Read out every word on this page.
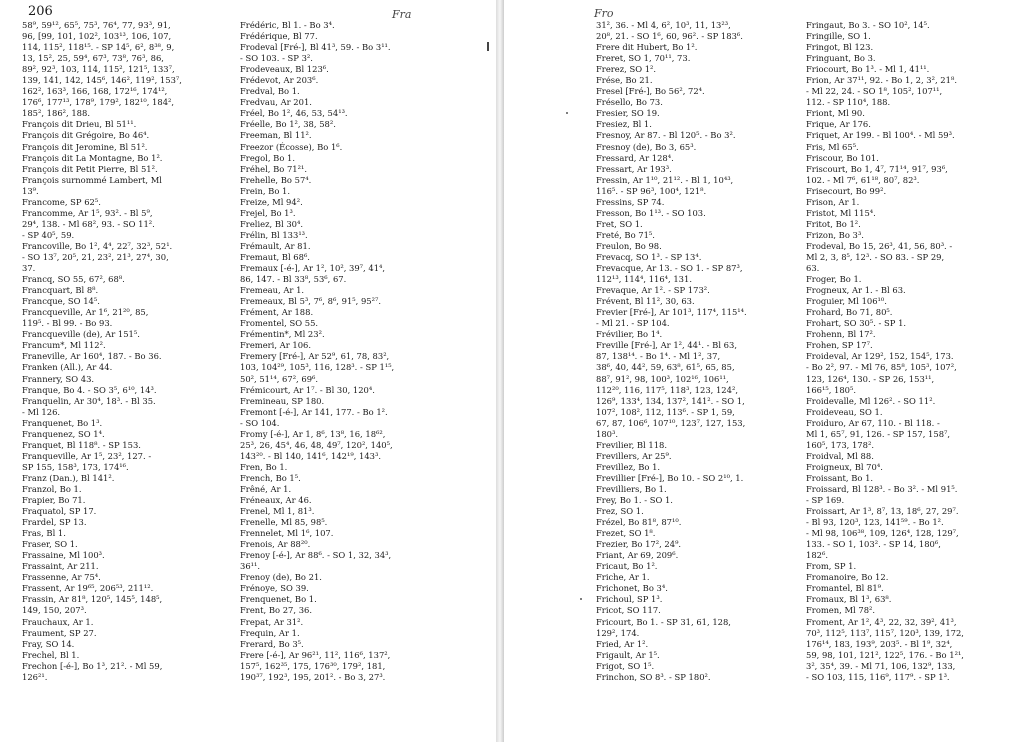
206	Fra	Fro
58⁹, 59¹², 65⁵, 75³, 76⁴, 77, 93³, 91,
96, [99, 101, 102², 103¹³, 106, 107,
114, 115², 118¹⁵. - SP 14⁵, 6², 8³⁸, 9,
13, 15², 25, 59⁴, 67³, 73⁸, 76³, 86,
89², 92³, 103, 114, 115², 121⁵, 133⁷,
139, 141, 142, 145⁶, 146², 119², 153⁷,
162², 163³, 166, 168, 172¹⁶, 174¹²,
176⁶, 177¹³, 178⁹, 179², 182¹⁰, 184²,
185², 186², 188.
François dit Drieu, Bl 51¹¹.
François dit Grégoire, Bo 46⁴.
François dit Jeromine, Bl 51².
François dit La Montagne, Bo 1².
François dit Petit Pierre, Bl 51².
François surnommé Lambert, Ml
13⁹.
Francome, SP 62⁵.
Francomme, Ar 1⁵, 93². - Bl 5⁹,
29⁴, 138. - Ml 68², 93. - SO 11².
- SP 40⁵, 59.
Francoville, Bo 1², 4⁴, 22⁷, 32³, 52¹.
- SO 13⁷, 20⁵, 21, 23², 21³, 27⁴, 30,
37.
Francq, SO 55, 67², 68⁸.
Francquart, Bl 8⁸.
Francque, SO 14⁵.
Francqueville, Ar 1⁶, 21²⁰, 85,
119⁵. - Bl 99. - Bo 93.
Francqueville (de), Ar 151⁵.
Francum*, Ml 112².
Franeville, Ar 160⁴, 187. - Bo 36.
Franken (All.), Ar 44.
Frannery, SO 43.
Franque, Bo 4. - SO 3⁵, 6¹⁰, 14³.
Franquelin, Ar 30⁴, 18³. - Bl 35.
- Ml 126.
Franquenet, Bo 1³.
Franquenez, SO 1⁴.
Franquet, Bl 118⁸. - SP 153.
Franqueville, Ar 1⁵, 23², 127. -
SP 155, 158³, 173, 174¹⁶.
Franz (Dan.), Bl 141².
Franzol, Bo 1.
Frapier, Bo 71.
Fraquatol, SP 17.
Frardel, SP 13.
Fras, Bl 1.
Fraser, SO 1.
Frassaine, Ml 100³.
Frassaint, Ar 211.
Frassenne, Ar 75⁴.
Frassent, Ar 19⁶⁵, 206⁵³, 211¹².
Frassin, Ar 81⁸, 120⁵, 145⁵, 148⁵,
149, 150, 207³.
Frauchaux, Ar 1.
Fraument, SP 27.
Fray, SO 14.
Frechel, Bl 1.
Frechon [-é-], Bo 1³, 21². - Ml 59,
126²¹.
Frédéric, Bl 1. - Bo 3⁴.
Frédérique, Bl 77.
Frodeval [Fré-], Bl 41³, 59. - Bo 3¹¹.
- SO 103. - SP 3².
Frodeveaux, Bl 123⁶.
Frédevot, Ar 203⁶.
Fredval, Bo 1.
Fredvau, Ar 201.
Fréel, Bo 1², 46, 53, 54¹³.
Fréelle, Bo 1², 38, 58².
Freeman, Bl 11².
Freezor (Écosse), Bo 1⁶.
Fregol, Bo 1.
Fréhel, Bo 71²¹.
Frehelle, Bo 57⁴.
Frein, Bo 1.
Freize, Ml 94².
Frejel, Bo 1³.
Freliez, Bl 30⁴.
Frélin, Bl 133¹³.
Frémault, Ar 81.
Fremaut, Bl 68⁶.
Fremaux [-é-], Ar 1², 10², 39⁷, 41⁴,
86, 147. - Bl 33⁸, 53⁶, 67.
Fremeau, Ar 1.
Fremeaux, Bl 5³, 7⁶, 8⁶, 91⁵, 95²⁷.
Frément, Ar 188.
Fromentel, SO 55.
Frémentin*, Ml 23².
Fremeri, Ar 106.
Fremery [Fré-], Ar 52⁹, 61, 78, 83²,
103, 104²⁹, 105³, 116, 128³. - SP 1¹⁵,
50², 51¹⁴, 67², 69⁶.
Frémicourt, Ar 1⁷. - Bl 30, 120⁴.
Fremineau, SP 180.
Fremont [-é-], Ar 141, 177. - Bo 1².
- SO 104.
Fromy [-é-], Ar 1, 8⁶, 13⁸, 16, 18⁶²,
25³, 26, 45⁴, 46, 48, 49⁷, 120², 140⁵,
143²⁰. - Bl 140, 141⁶, 142¹⁹, 143³.
Fren, Bo 1.
French, Bo 1⁵.
Frêné, Ar 1.
Fréneaux, Ar 46.
Frenel, Ml 1, 81³.
Frenelle, Ml 85, 98⁵.
Frennelet, Ml 1⁶, 107.
Frenois, Ar 88²⁰.
Frenoy [-é-], Ar 88⁶. - SO 1, 32, 34³,
36¹¹.
Frenoy (de), Bo 21.
Frénoye, SO 39.
Frenquenet, Bo 1.
Frent, Bo 27, 36.
Frepat, Ar 31².
Frequin, Ar 1.
Frerard, Bo 3⁵.
Frere [-é-], Ar 96²¹, 11², 116⁶, 137²,
157⁵, 162³⁵, 175, 176³⁰, 179², 181,
190³⁷, 192³, 195, 201². - Bo 3, 27³.
31², 36. - Ml 4, 6², 10³, 11, 13²³,
20⁸, 21. - SO 1⁶, 60, 96². - SP 183⁶.
Frere dit Hubert, Bo 1².
Freret, SO 1, 70¹¹, 73.
Frerez, SO 1².
Frése, Bo 21.
Fresel [Fré-], Bo 56², 72⁴.
Frésello, Bo 73.
Fresier, SO 19.
Fresiez, Bl 1.
Fresnoy, Ar 87. - Bl 120⁵. - Bo 3².
Fresnoy (de), Bo 3, 65³.
Fressard, Ar 128⁴.
Fressart, Ar 193³.
Fressin, Ar 1¹⁰, 21¹². - Bl 1, 10⁴³,
116⁵. - SP 96³, 100⁴, 121⁸.
Fressins, SP 74.
Fresson, Bo 1¹³. - SO 103.
Fret, SO 1.
Freté, Bo 71⁵.
Freulon, Bo 98.
Frevacq, SO 1³. - SP 13⁴.
Frevacque, Ar 13. - SO 1. - SP 87³,
112¹³, 114⁴, 116⁴, 131.
Frevaque, Ar 1². - SP 173².
Frévent, Bl 11², 30, 63.
Frevier [Fré-], Ar 101³, 117⁴, 115¹⁴.
- Ml 21. - SP 104.
Frévilier, Bo 1⁴.
Freville [Fré-], Ar 1², 44¹. - Bl 63,
87, 138¹⁴. - Bo 1⁴. - Ml 1², 37,
38⁶, 40, 44², 59, 63⁸, 61⁵, 65, 85,
88⁷, 91², 98, 100³, 102¹⁶, 106¹¹,
112²⁰, 116, 117⁵, 118³, 123, 124²,
126⁹, 133⁴, 134, 137², 141². - SO 1,
107², 108², 112, 113⁶. - SP 1, 59,
67, 87, 106⁶, 107¹⁰, 123⁷, 127, 153,
180³.
Frevilier, Bl 118.
Frevillers, Ar 25⁹.
Frevillez, Bo 1.
Frevillier [Fré-], Bo 10. - SO 2¹⁰, 1.
Frevilliers, Bo 1.
Frey, Bo 1. - SO 1.
Frez, SO 1.
Frézel, Bo 81⁸, 87¹⁰.
Frezet, SO 1⁸.
Frezier, Bo 17², 24⁹.
Friant, Ar 69, 209⁶.
Fricaut, Bo 1².
Friche, Ar 1.
Frichonet, Bo 3⁴.
Frichoul, SP 1³.
Fricot, SO 117.
Fricourt, Bo 1. - SP 31, 61, 128,
129², 174.
Fried, Ar 1².
Frigault, Ar 1⁵.
Frigot, SO 1⁵.
Frinchon, SO 8³. - SP 180².
Fringaut, Bo 3. - SO 10², 14⁵.
Fringille, SO 1.
Fringot, Bl 123.
Fringuant, Bo 3.
Friocourt, Bo 1³. - Ml 1, 41¹¹.
Frion, Ar 37¹¹, 92. - Bo 1, 2, 3², 21⁸.
- Ml 22, 24. - SO 1⁸, 105², 107¹¹,
112. - SP 110⁴, 188.
Friont, Ml 90.
Frique, Ar 176.
Friquet, Ar 199. - Bl 100⁴. - Ml 59³.
Fris, Ml 65⁵.
Friscour, Bo 101.
Friscourt, Bo 1, 4⁷, 71¹⁴, 91⁷, 93⁶,
102. - Ml 7⁶, 61¹⁸, 80⁷, 82³.
Frisecourt, Bo 99².
Frison, Ar 1.
Fristot, Ml 115⁴.
Fritot, Bo 1².
Frizon, Bo 3³.
Frodeval, Bo 15, 26³, 41, 56, 80³. -
Ml 2, 3, 8⁵, 12³. - SO 83. - SP 29,
63.
Froger, Bo 1.
Frogneux, Ar 1. - Bl 63.
Froguier, Ml 106¹⁰.
Frohard, Bo 71, 80⁵.
Frohart, SO 30⁵. - SP 1.
Frohenn, Bl 17².
Frohen, SP 17⁷.
Froideval, Ar 129², 152, 154⁵, 173.
- Bo 2², 97. - Ml 76, 85⁸, 105³, 107²,
123, 126⁴, 130. - SP 26, 153¹¹,
166¹⁵, 180⁵.
Froidevalle, Ml 126². - SO 11².
Froideveau, SO 1.
Froiduro, Ar 67, 110. - Bl 118. -
Ml 1, 65⁷, 91, 126. - SP 157, 158⁷,
160⁵, 173, 178².
Froidval, Ml 88.
Froigneux, Bl 70⁴.
Froissant, Bo 1.
Froissard, Bl 128³. - Bo 3². - Ml 91⁵.
- SP 169.
Froissart, Ar 1³, 8⁷, 13, 18⁶, 27, 29⁷.
- Bl 93, 120³, 123, 141⁵⁹. - Bo 1².
- Ml 98, 106³⁸, 109, 126⁴, 128, 129⁷,
133. - SO 1, 103². - SP 14, 180⁶,
182⁶.
From, SP 1.
Fromanoire, Bo 12.
Fromantel, Bl 81⁹.
Fromaux, Bl 1³, 63⁸.
Fromen, Ml 78².
Froment, Ar 1², 4³, 22, 32, 39², 41³,
70³, 112⁵, 113⁷, 115⁷, 120³, 139, 172,
176¹⁴, 183, 193⁹, 203⁵. - Bl 1⁹, 32⁴,
59, 98, 101, 121², 122⁵, 176. - Bo 1²¹,
3², 35⁴, 39. - Ml 71, 106, 132⁹, 133,
- SO 103, 115, 116⁹, 117⁹. - SP 1³.
